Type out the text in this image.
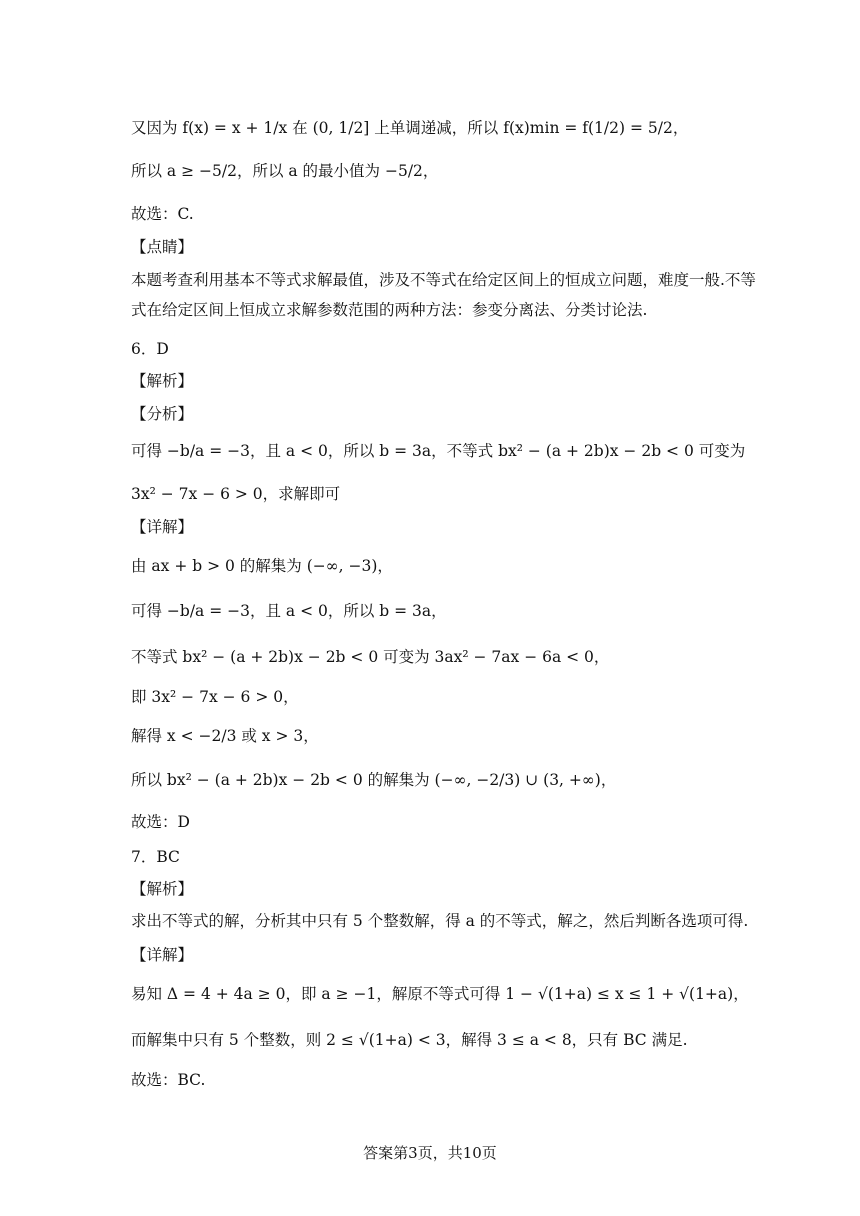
又因为 f(x) = x + 1/x 在 (0, 1/2] 上单调递减，所以 f(x)min = f(1/2) = 5/2，
所以 a ≥ −5/2，所以 a 的最小值为 −5/2，
故选：C.
【点睛】
本题考查利用基本不等式求解最值，涉及不等式在给定区间上的恒成立问题，难度一般.不等式在给定区间上恒成立求解参数范围的两种方法：参变分离法、分类讨论法.
6．D
【解析】
【分析】
可得 −b/a = −3，且 a < 0，所以 b = 3a，不等式 bx² − (a + 2b)x − 2b < 0 可变为
3x² − 7x − 6 > 0，求解即可
【详解】
由 ax + b > 0 的解集为 (−∞, −3)，
可得 −b/a = −3，且 a < 0，所以 b = 3a，
不等式 bx² − (a + 2b)x − 2b < 0 可变为 3ax² − 7ax − 6a < 0，
即 3x² − 7x − 6 > 0，
解得 x < −2/3 或 x > 3，
所以 bx² − (a + 2b)x − 2b < 0 的解集为 (−∞, −2/3) ∪ (3, +∞)，
故选：D
7．BC
【解析】
求出不等式的解，分析其中只有 5 个整数解，得 a 的不等式，解之，然后判断各选项可得.
【详解】
易知 Δ = 4 + 4a ≥ 0，即 a ≥ −1，解原不等式可得 1 − √(1+a) ≤ x ≤ 1 + √(1+a)，
而解集中只有 5 个整数，则 2 ≤ √(1+a) < 3，解得 3 ≤ a < 8，只有 BC 满足.
故选：BC.
答案第3页，共10页
